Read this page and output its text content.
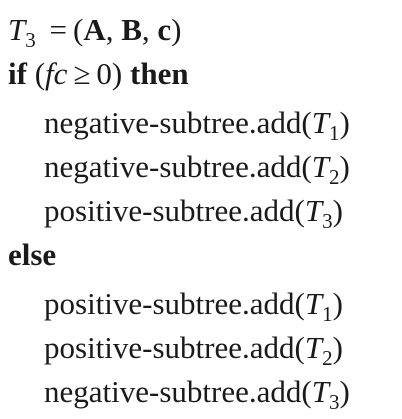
$T_3 = (A$, B, c)
if (fc ≥ 0) then
negative-$subtree.add(T_1)$
negative-$subtree.add(T_2)$
positive-$subtree.add(T_3)$
else
positive-$subtree.add(T_1)$
positive-$subtree.add(T_2)$
negative-$subtree.add(T_3)$
